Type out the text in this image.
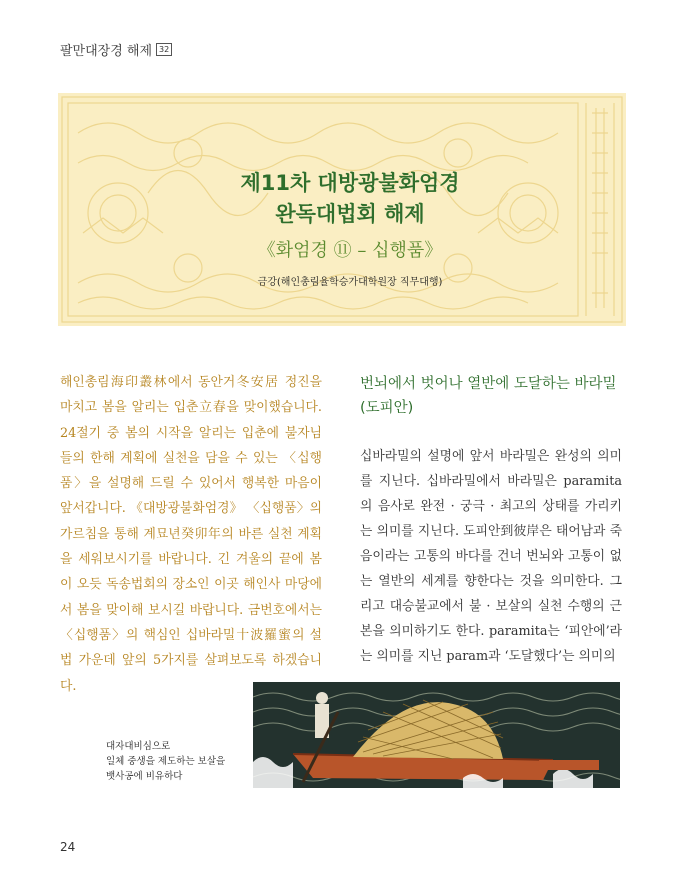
팔만대장경 해제 32
제11차 대방광불화엄경
완독대법회 해제
《화엄경 ⑪ – 십행품》
금강(해인총림율학승가대학원장 직무대행)
해인총림海印叢林에서 동안거冬安居 정진을 마치고 봄을 알리는 입춘立春을 맞이했습니다. 24절기 중 봄의 시작을 알리는 입춘에 불자님들의 한해 계획에 실천을 담을 수 있는 〈십행품〉을 설명해 드릴 수 있어서 행복한 마음이 앞서갑니다. 《대방광불화엄경》 〈십행품〉의 가르침을 통해 계묘년癸卯年의 바른 실천 계획을 세워보시기를 바랍니다. 긴 겨울의 끝에 봄이 오듯 독송법회의 장소인 이곳 해인사 마당에서 봄을 맞이해 보시길 바랍니다. 금번호에서는 〈십행품〉의 핵심인 십바라밀十波羅蜜의 설법 가운데 앞의 5가지를 살펴보도록 하겠습니다.
번뇌에서 벗어나 열반에 도달하는 바라밀(도피안)
십바라밀의 설명에 앞서 바라밀은 완성의 의미를 지닌다. 십바라밀에서 바라밀은 paramita의 음사로 완전 · 궁극 · 최고의 상태를 가리키는 의미를 지닌다. 도피안到彼岸은 태어남과 죽음이라는 고통의 바다를 건너 번뇌와 고통이 없는 열반의 세계를 향한다는 것을 의미한다. 그리고 대승불교에서 불 · 보살의 실천 수행의 근본을 의미하기도 한다. paramita는 ‘피안에’라는 의미를 지닌 param과 ‘도달했다’는 의미의
대자대비심으로
일체 중생을 제도하는 보살을
뱃사공에 비유하다
24
